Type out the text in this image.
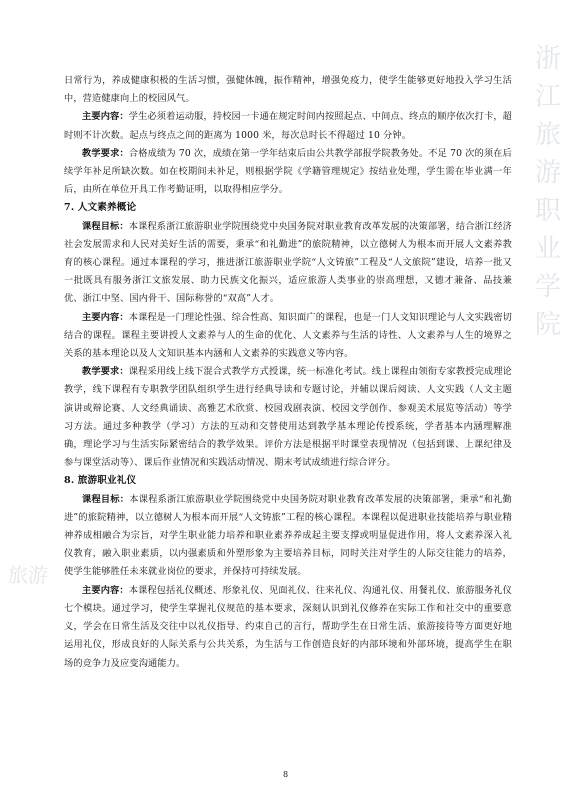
浙江旅游职业学院
旅游

日常行为，养成健康积极的生活习惯，强健体魄，振作精神，增强免疫力，使学生能够更好地投入学习生活中，营造健康向上的校园风气。

主要内容：学生必须着运动服，持校园一卡通在规定时间内按照起点、中间点、终点的顺序依次打卡，超时则不计次数。起点与终点之间的距离为 1000 米，每次总时长不得超过 10 分钟。

教学要求：合格成绩为 70 次，成绩在第一学年结束后由公共教学部报学院教务处。不足 70 次的须在后续学年补足所缺次数。如在校期间未补足，则根据学院《学籍管理规定》按结业处理，学生需在毕业满一年后，由所在单位开具工作考勤证明，以取得相应学分。

7. 人文素养概论

课程目标：本课程系浙江旅游职业学院围绕党中央国务院对职业教育改革发展的决策部署，结合浙江经济社会发展需求和人民对美好生活的需要，秉承“和礼勤进”的旅院精神，以立德树人为根本而开展人文素养教育的核心课程。通过本课程的学习，推进浙江旅游职业学院“人文铸旅”工程及“人文旅院”建设，培养一批又一批既具有服务浙江文旅发展、助力民族文化振兴，适应旅游人类事业的崇高理想，又德才兼备、品技兼优、浙江中坚、国内骨干、国际称誉的“双高”人才。

主要内容：本课程是一门理论性强、综合性高、知识面广的课程，也是一门人文知识理论与人文实践密切结合的课程。课程主要讲授人文素养与人的生命的优化、人文素养与生活的诗性、人文素养与人生的境界之关系的基本理论以及人文知识基本内涵和人文素养的实践意义等内容。

教学要求：课程采用线上线下混合式教学方式授课，统一标准化考试。线上课程由领衔专家教授完成理论教学，线下课程有专职教学团队组织学生进行经典导读和专题讨论，并辅以课后阅读、人文实践（人文主题演讲或辩论赛、人文经典诵读、高雅艺术欣赏、校园戏剧表演、校园文学创作、参观美术展览等活动）等学习方法。通过多种教学（学习）方法的互动和交替使用达到教学基本理论传授系统，学者基本内涵理解准确，理论学习与生活实际紧密结合的教学效果。评价方法是根据平时课堂表现情况（包括到课、上课纪律及参与课堂活动等）、课后作业情况和实践活动情况、期末考试成绩进行综合评分。

8. 旅游职业礼仪

课程目标：本课程系浙江旅游职业学院围绕党中央国务院对职业教育改革发展的决策部署，秉承“和礼勤进”的旅院精神，以立德树人为根本而开展“人文铸旅”工程的核心课程。本课程以促进职业技能培养与职业精神养成相融合为宗旨，对学生职业能力培养和职业素养养成起主要支撑或明显促进作用，将人文素养深入礼仪教育，融入职业素质，以内强素质和外塑形象为主要培养目标，同时关注对学生的人际交往能力的培养，使学生能够胜任未来就业岗位的要求，并保持可持续发展。

主要内容：本课程包括礼仪概述、形象礼仪、见面礼仪、往来礼仪、沟通礼仪、用餐礼仪、旅游服务礼仪七个模块。通过学习，使学生掌握礼仪规范的基本要求，深刻认识到礼仪修养在实际工作和社交中的重要意义，学会在日常生活及交往中以礼仪指导、约束自己的言行，帮助学生在日常生活、旅游接待等方面更好地运用礼仪，形成良好的人际关系与公共关系，为生活与工作创造良好的内部环境和外部环境，提高学生在职场的竞争力及应变沟通能力。

8
